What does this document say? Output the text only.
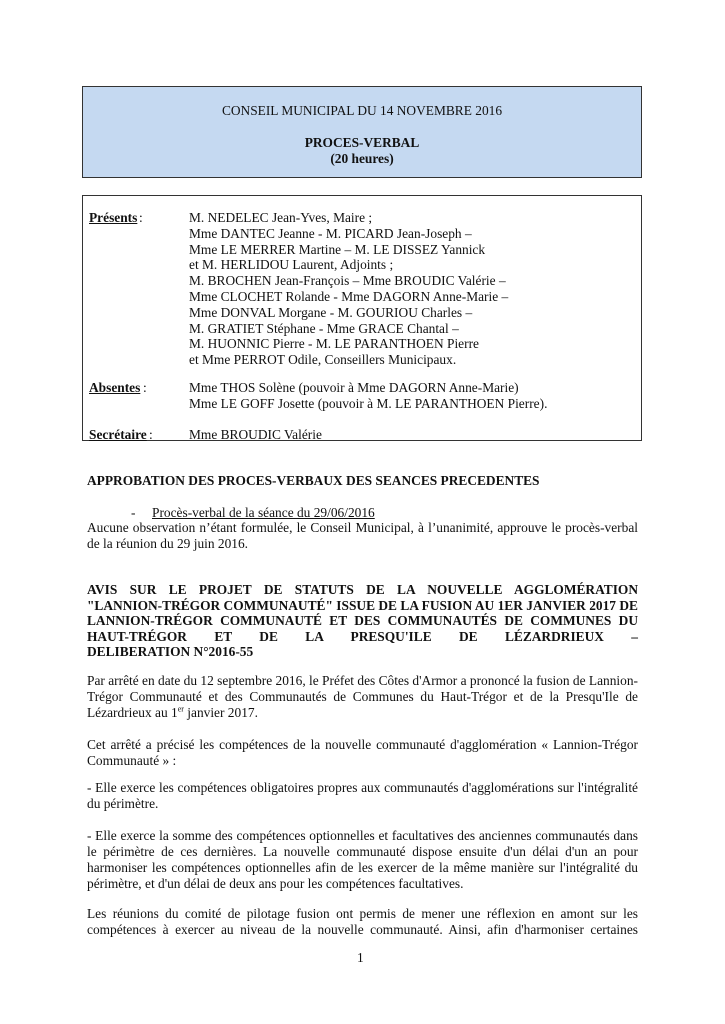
CONSEIL MUNICIPAL DU 14 NOVEMBRE 2016
PROCES-VERBAL
(20 heures)
Présents :	M. NEDELEC Jean-Yves, Maire ;
Mme DANTEC Jeanne - M. PICARD Jean-Joseph –
Mme LE MERRER Martine – M. LE DISSEZ Yannick
et M. HERLIDOU Laurent, Adjoints ;
M. BROCHEN Jean-François – Mme BROUDIC Valérie –
Mme CLOCHET Rolande - Mme DAGORN Anne-Marie –
Mme DONVAL Morgane - M. GOURIOU Charles –
M. GRATIET Stéphane - Mme GRACE Chantal –
M. HUONNIC Pierre - M. LE PARANTHOEN Pierre
et Mme PERROT Odile, Conseillers Municipaux.
Absentes :	Mme THOS Solène (pouvoir à Mme DAGORN Anne-Marie)
Mme LE GOFF Josette (pouvoir à M. LE PARANTHOEN Pierre).
Secrétaire :	Mme BROUDIC Valérie
APPROBATION DES PROCES-VERBAUX DES SEANCES PRECEDENTES
- Procès-verbal de la séance du 29/06/2016
Aucune observation n’étant formulée, le Conseil Municipal, à l’unanimité, approuve le procès-verbal
de la réunion du 29 juin 2016.
AVIS SUR LE PROJET DE STATUTS DE LA NOUVELLE AGGLOMÉRATION
"LANNION-TRÉGOR COMMUNAUTÉ" ISSUE DE LA FUSION AU 1ER JANVIER 2017 DE
LANNION-TRÉGOR COMMUNAUTÉ ET DES COMMUNAUTÉS DE COMMUNES DU
HAUT-TRÉGOR ET DE LA PRESQU'ILE DE LÉZARDRIEUX –
DELIBERATION N°2016-55
Par arrêté en date du 12 septembre 2016, le Préfet des Côtes d'Armor a prononcé la fusion de Lannion-
Trégor Communauté et des Communautés de Communes du Haut-Trégor et de la Presqu'Ile de
Lézardrieux au 1er janvier 2017.
Cet arrêté a précisé les compétences de la nouvelle communauté d'agglomération « Lannion-Trégor
Communauté » :
- Elle exerce les compétences obligatoires propres aux communautés d'agglomérations sur l'intégralité
du périmètre.
- Elle exerce la somme des compétences optionnelles et facultatives des anciennes communautés dans
le périmètre de ces dernières. La nouvelle communauté dispose ensuite d'un délai d'un an pour
harmoniser les compétences optionnelles afin de les exercer de la même manière sur l'intégralité du
périmètre, et d'un délai de deux ans pour les compétences facultatives.
Les réunions du comité de pilotage fusion ont permis de mener une réflexion en amont sur les
compétences à exercer au niveau de la nouvelle communauté. Ainsi, afin d'harmoniser certaines
1
